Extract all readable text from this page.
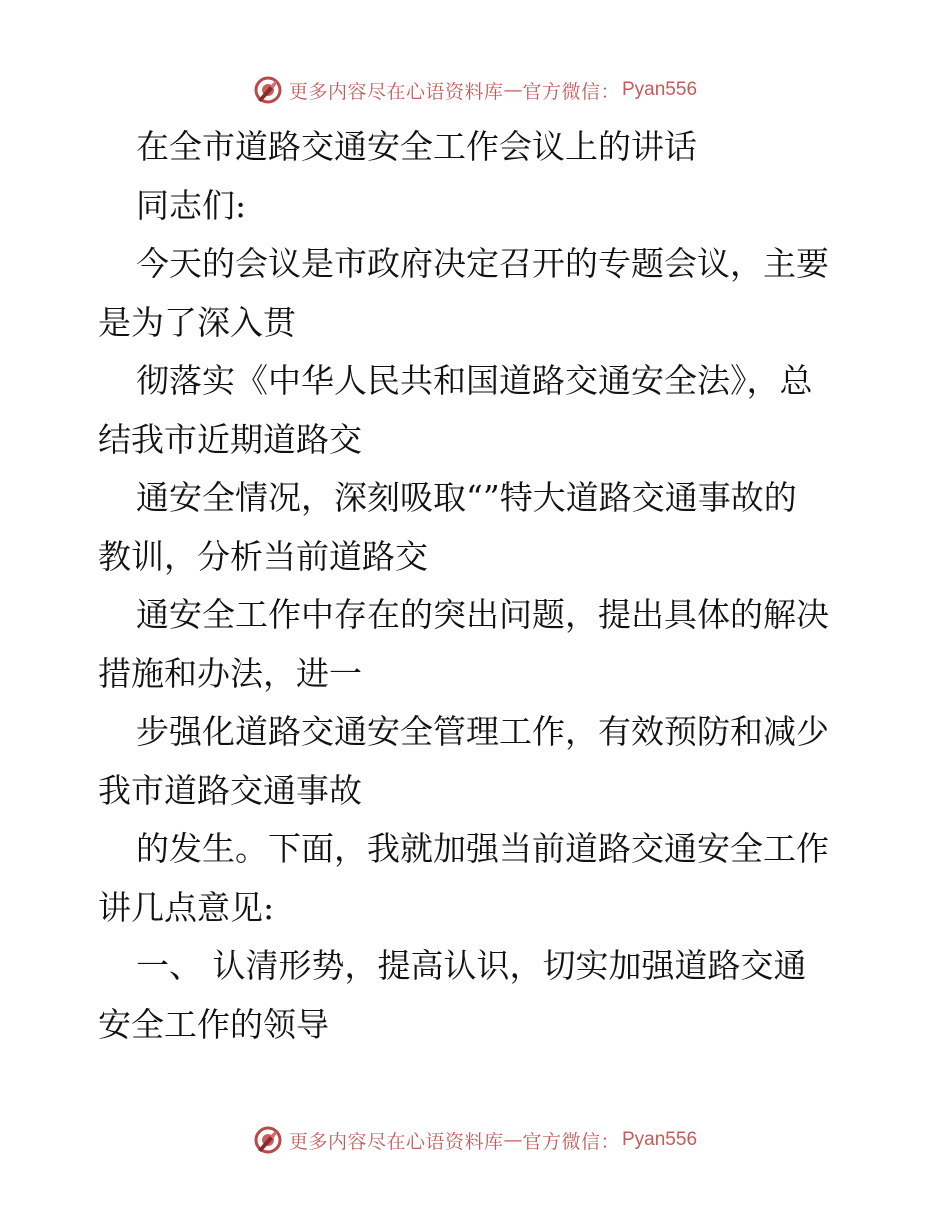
更多内容尽在心语资料库 — 官方微信： Pyan556
在全市道路交通安全工作会议上的讲话
同志们:
今天的会议是市政府决定召开的专题会议，主要
是为了深入贯
彻落实《中华人民共和国道路交通安全法》，总
结我市近期道路交
通安全情况，深刻吸取“”特大道路交通事故的
教训，分析当前道路交
通安全工作中存在的突出问题，提出具体的解决
措施和办法，进一
步强化道路交通安全管理工作，有效预防和减少
我市道路交通事故
的发生。下面，我就加强当前道路交通安全工作
讲几点意见:
一、 认清形势，提高认识，切实加强道路交通
安全工作的领导
更多内容尽在心语资料库 — 官方微信： Pyan556
